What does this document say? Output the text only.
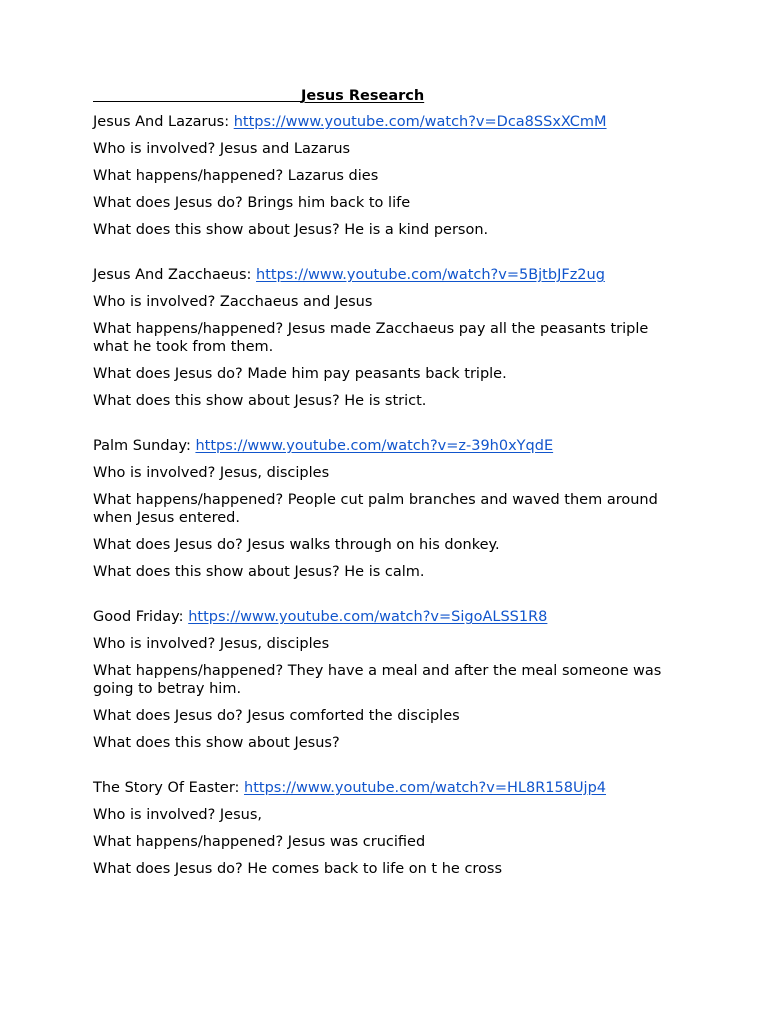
Jesus Research
Jesus And Lazarus: https://www.youtube.com/watch?v=Dca8SSxXCmM
Who is involved? Jesus and Lazarus
What happens/happened? Lazarus dies
What does Jesus do? Brings him back to life
What does this show about Jesus? He is a kind person.
Jesus And Zacchaeus: https://www.youtube.com/watch?v=5BjtbJFz2ug
Who is involved? Zacchaeus and Jesus
What happens/happened? Jesus made Zacchaeus pay all the peasants triple what he took from them.
What does Jesus do? Made him pay peasants back triple.
What does this show about Jesus? He is strict.
Palm Sunday: https://www.youtube.com/watch?v=z-39h0xYqdE
Who is involved? Jesus, disciples
What happens/happened? People cut palm branches and waved them around when Jesus entered.
What does Jesus do? Jesus walks through on his donkey.
What does this show about Jesus? He is calm.
Good Friday: https://www.youtube.com/watch?v=SigoALSS1R8
Who is involved? Jesus, disciples
What happens/happened? They have a meal and after the meal someone was going to betray him.
What does Jesus do? Jesus comforted the disciples
What does this show about Jesus?
The Story Of Easter: https://www.youtube.com/watch?v=HL8R158Ujp4
Who is involved? Jesus,
What happens/happened? Jesus was crucified
What does Jesus do? He comes back to life on t he cross
